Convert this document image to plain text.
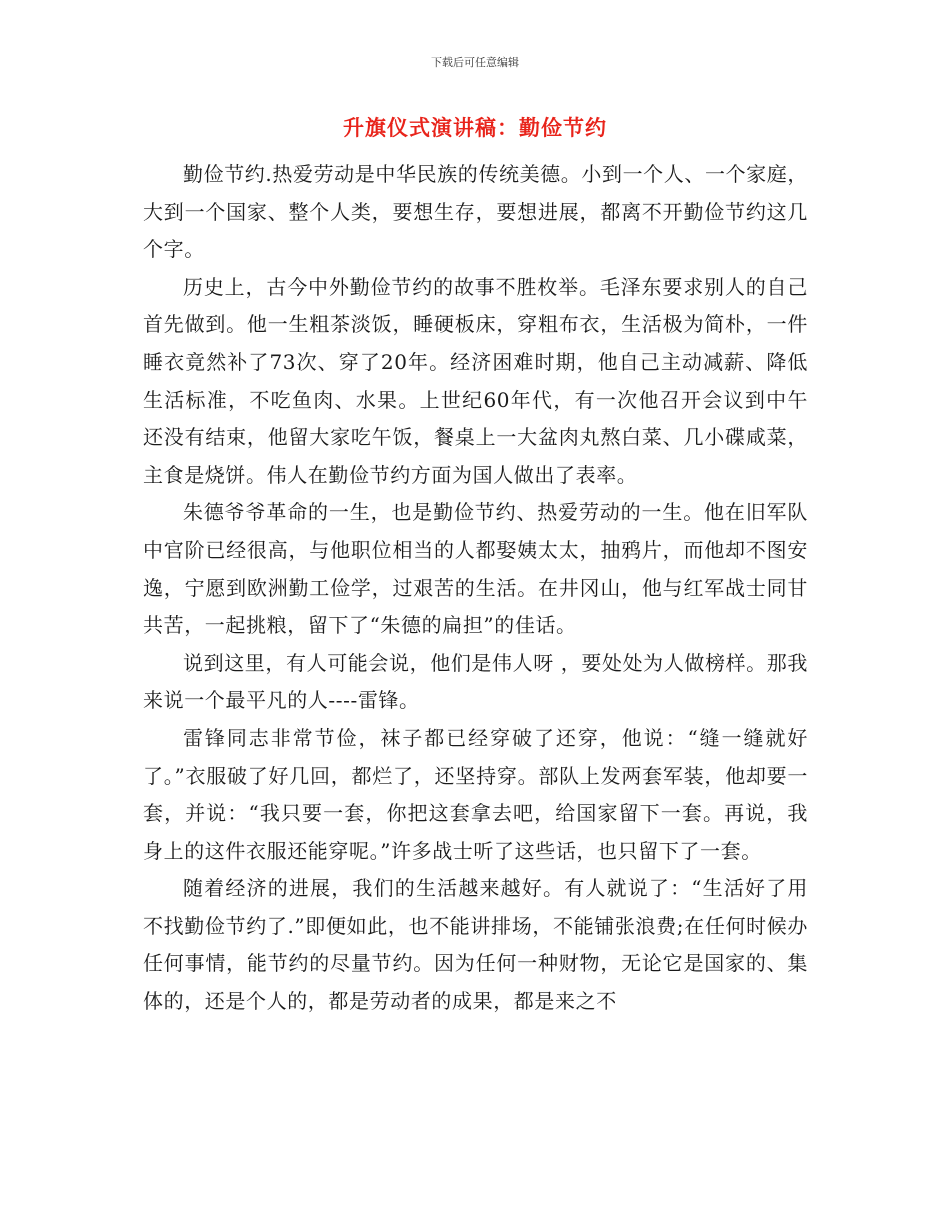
下载后可任意编辑
升旗仪式演讲稿：勤俭节约

勤俭节约.热爱劳动是中华民族的传统美德。小到一个人、一个家庭，大到一个国家、整个人类，要想生存，要想进展，都离不开勤俭节约这几个字。

历史上，古今中外勤俭节约的故事不胜枚举。毛泽东要求别人的自己首先做到。他一生粗茶淡饭，睡硬板床，穿粗布衣，生活极为简朴，一件睡衣竟然补了73次、穿了20年。经济困难时期，他自己主动减薪、降低生活标准，不吃鱼肉、水果。上世纪60年代，有一次他召开会议到中午还没有结束，他留大家吃午饭，餐桌上一大盆肉丸熬白菜、几小碟咸菜，主食是烧饼。伟人在勤俭节约方面为国人做出了表率。

朱德爷爷革命的一生，也是勤俭节约、热爱劳动的一生。他在旧军队中官阶已经很高，与他职位相当的人都娶姨太太，抽鸦片，而他却不图安逸，宁愿到欧洲勤工俭学，过艰苦的生活。在井冈山，他与红军战士同甘共苦，一起挑粮，留下了“朱德的扁担”的佳话。

说到这里，有人可能会说，他们是伟人呀 ，要处处为人做榜样。那我来说一个最平凡的人----雷锋。

雷锋同志非常节俭，袜子都已经穿破了还穿，他说：“缝一缝就好了。”衣服破了好几回，都烂了，还坚持穿。部队上发两套军装，他却要一套，并说：“我只要一套，你把这套拿去吧，给国家留下一套。再说，我身上的这件衣服还能穿呢。”许多战士听了这些话，也只留下了一套。

随着经济的进展，我们的生活越来越好。有人就说了：“生活好了用不找勤俭节约了.”即便如此，也不能讲排场，不能铺张浪费;在任何时候办任何事情，能节约的尽量节约。因为任何一种财物，无论它是国家的、集体的，还是个人的，都是劳动者的成果，都是来之不
